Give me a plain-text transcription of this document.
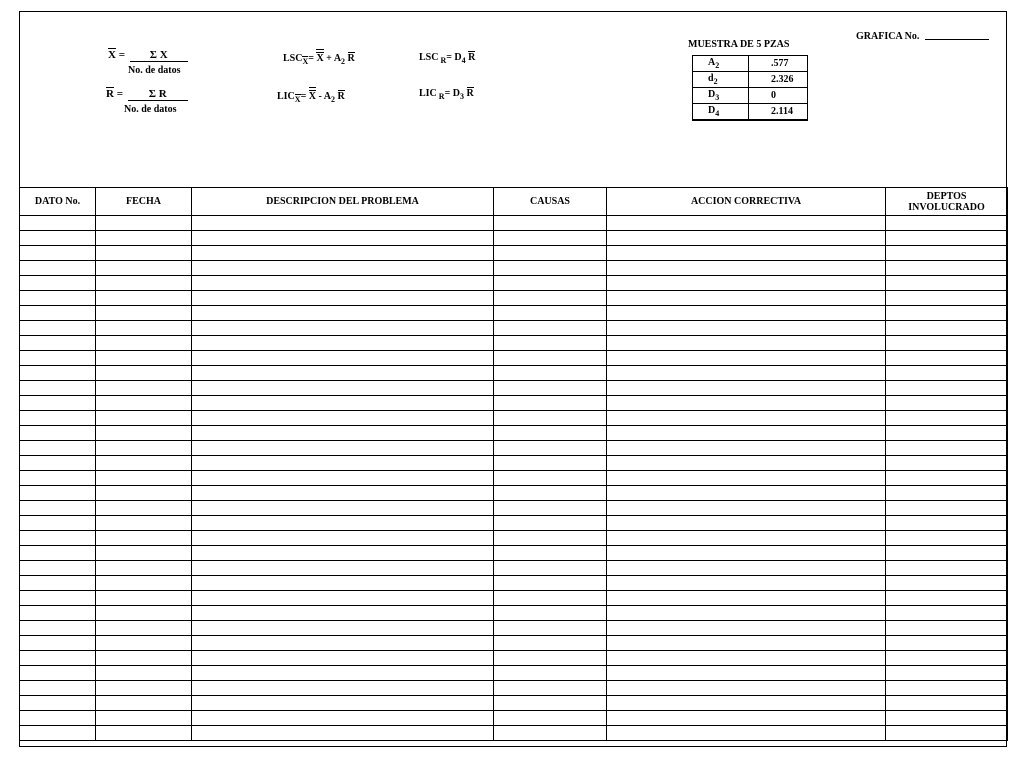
X = Σ X
No. de datos
R = Σ R
No. de datos
$LSC_X= X + A_2$ R
$LIC_X= X - A_2$ R
LSC $_R= D_4$ R
LIC $_R= D_3$ R
MUESTRA DE 5 PZAS
$A_2$	.577
$d_2$	2.326
$D_3$	0
$D_4$	2.114
GRAFICA No.
DATO No.	FECHA	DESCRIPCION DEL PROBLEMA	CAUSAS	ACCION CORRECTIVA	DEPTOS INVOLUCRADO
